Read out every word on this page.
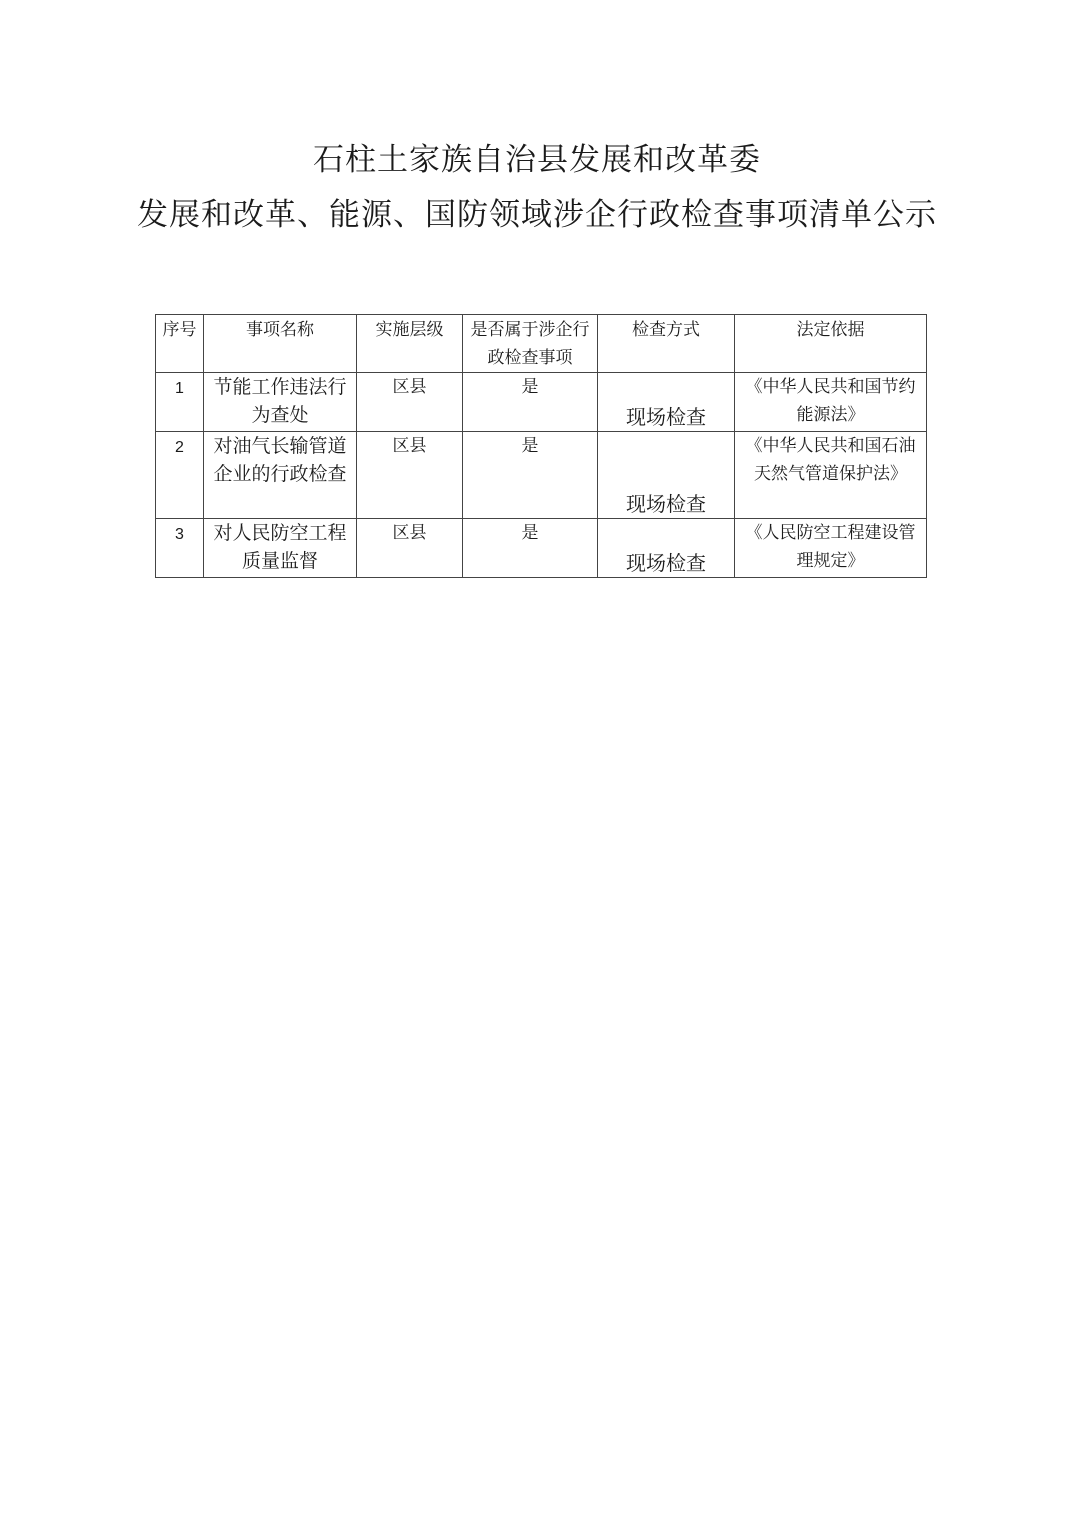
石柱土家族自治县发展和改革委
发展和改革、能源、国防领域涉企行政检查事项清单公示
序号	事项名称	实施层级	是否属于涉企行政检查事项	检查方式	法定依据
1	节能工作违法行为查处	区县	是	现场检查	《中华人民共和国节约能源法》
2	对油气长输管道企业的行政检查	区县	是	现场检查	《中华人民共和国石油天然气管道保护法》
3	对人民防空工程质量监督	区县	是	现场检查	《人民防空工程建设管理规定》
